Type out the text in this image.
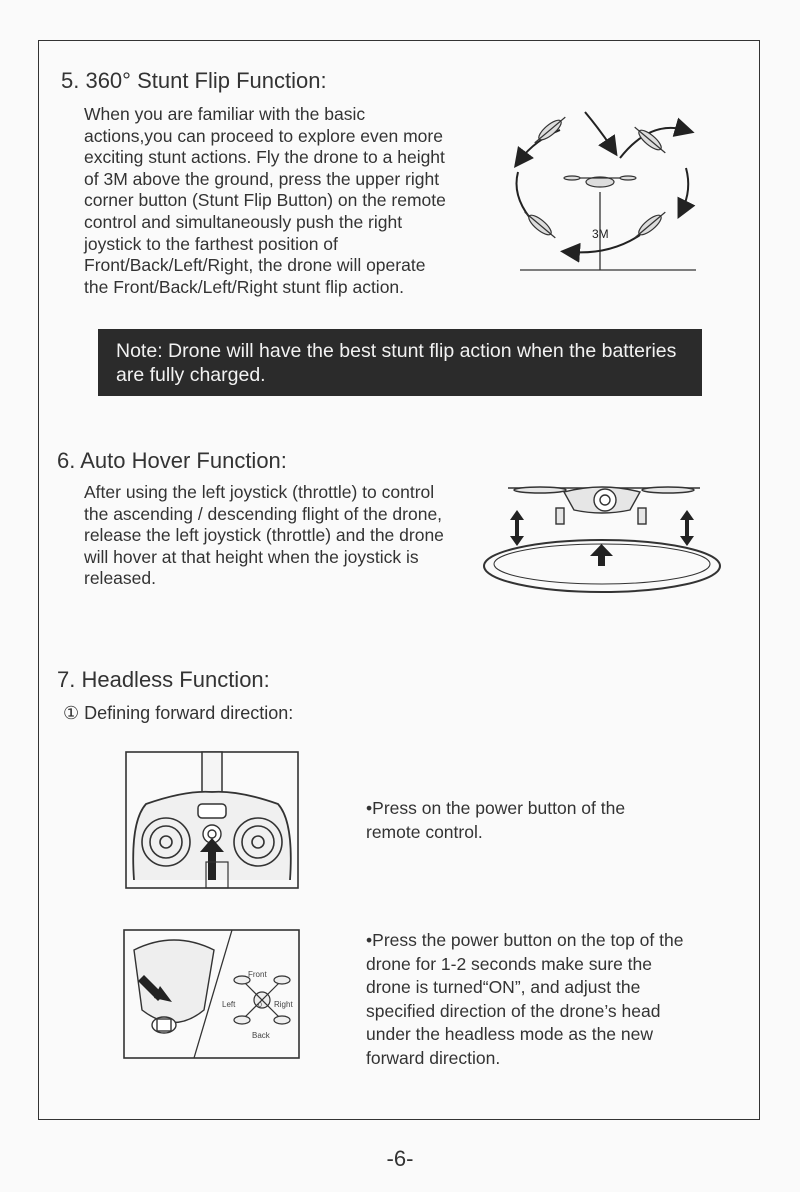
5. 360° Stunt Flip Function:
When you are familiar with the basic
actions,you can proceed to explore even more
exciting stunt actions. Fly the drone to a height
of 3M above the ground, press the upper right
corner button (Stunt Flip Button) on the remote
control and simultaneously push the right
joystick to the farthest position of
Front/Back/Left/Right, the drone will operate
the Front/Back/Left/Right stunt flip action.
3M
Note: Drone will have the best stunt flip action when the batteries
are fully charged.
6. Auto Hover Function:
After using the left joystick (throttle) to control
the ascending / descending flight of the drone,
release the left joystick (throttle) and the drone
will hover at that height when the joystick is
released.
7. Headless Function:
① Defining forward direction:
•Press on the power button of the
remote control.
Front
Left	0 Right
Back
•Press the power button on the top of the
drone for 1-2 seconds make sure the
drone is turned“ON”, and adjust the
specified direction of the drone’s head
under the headless mode as the new
forward direction.
-6-
